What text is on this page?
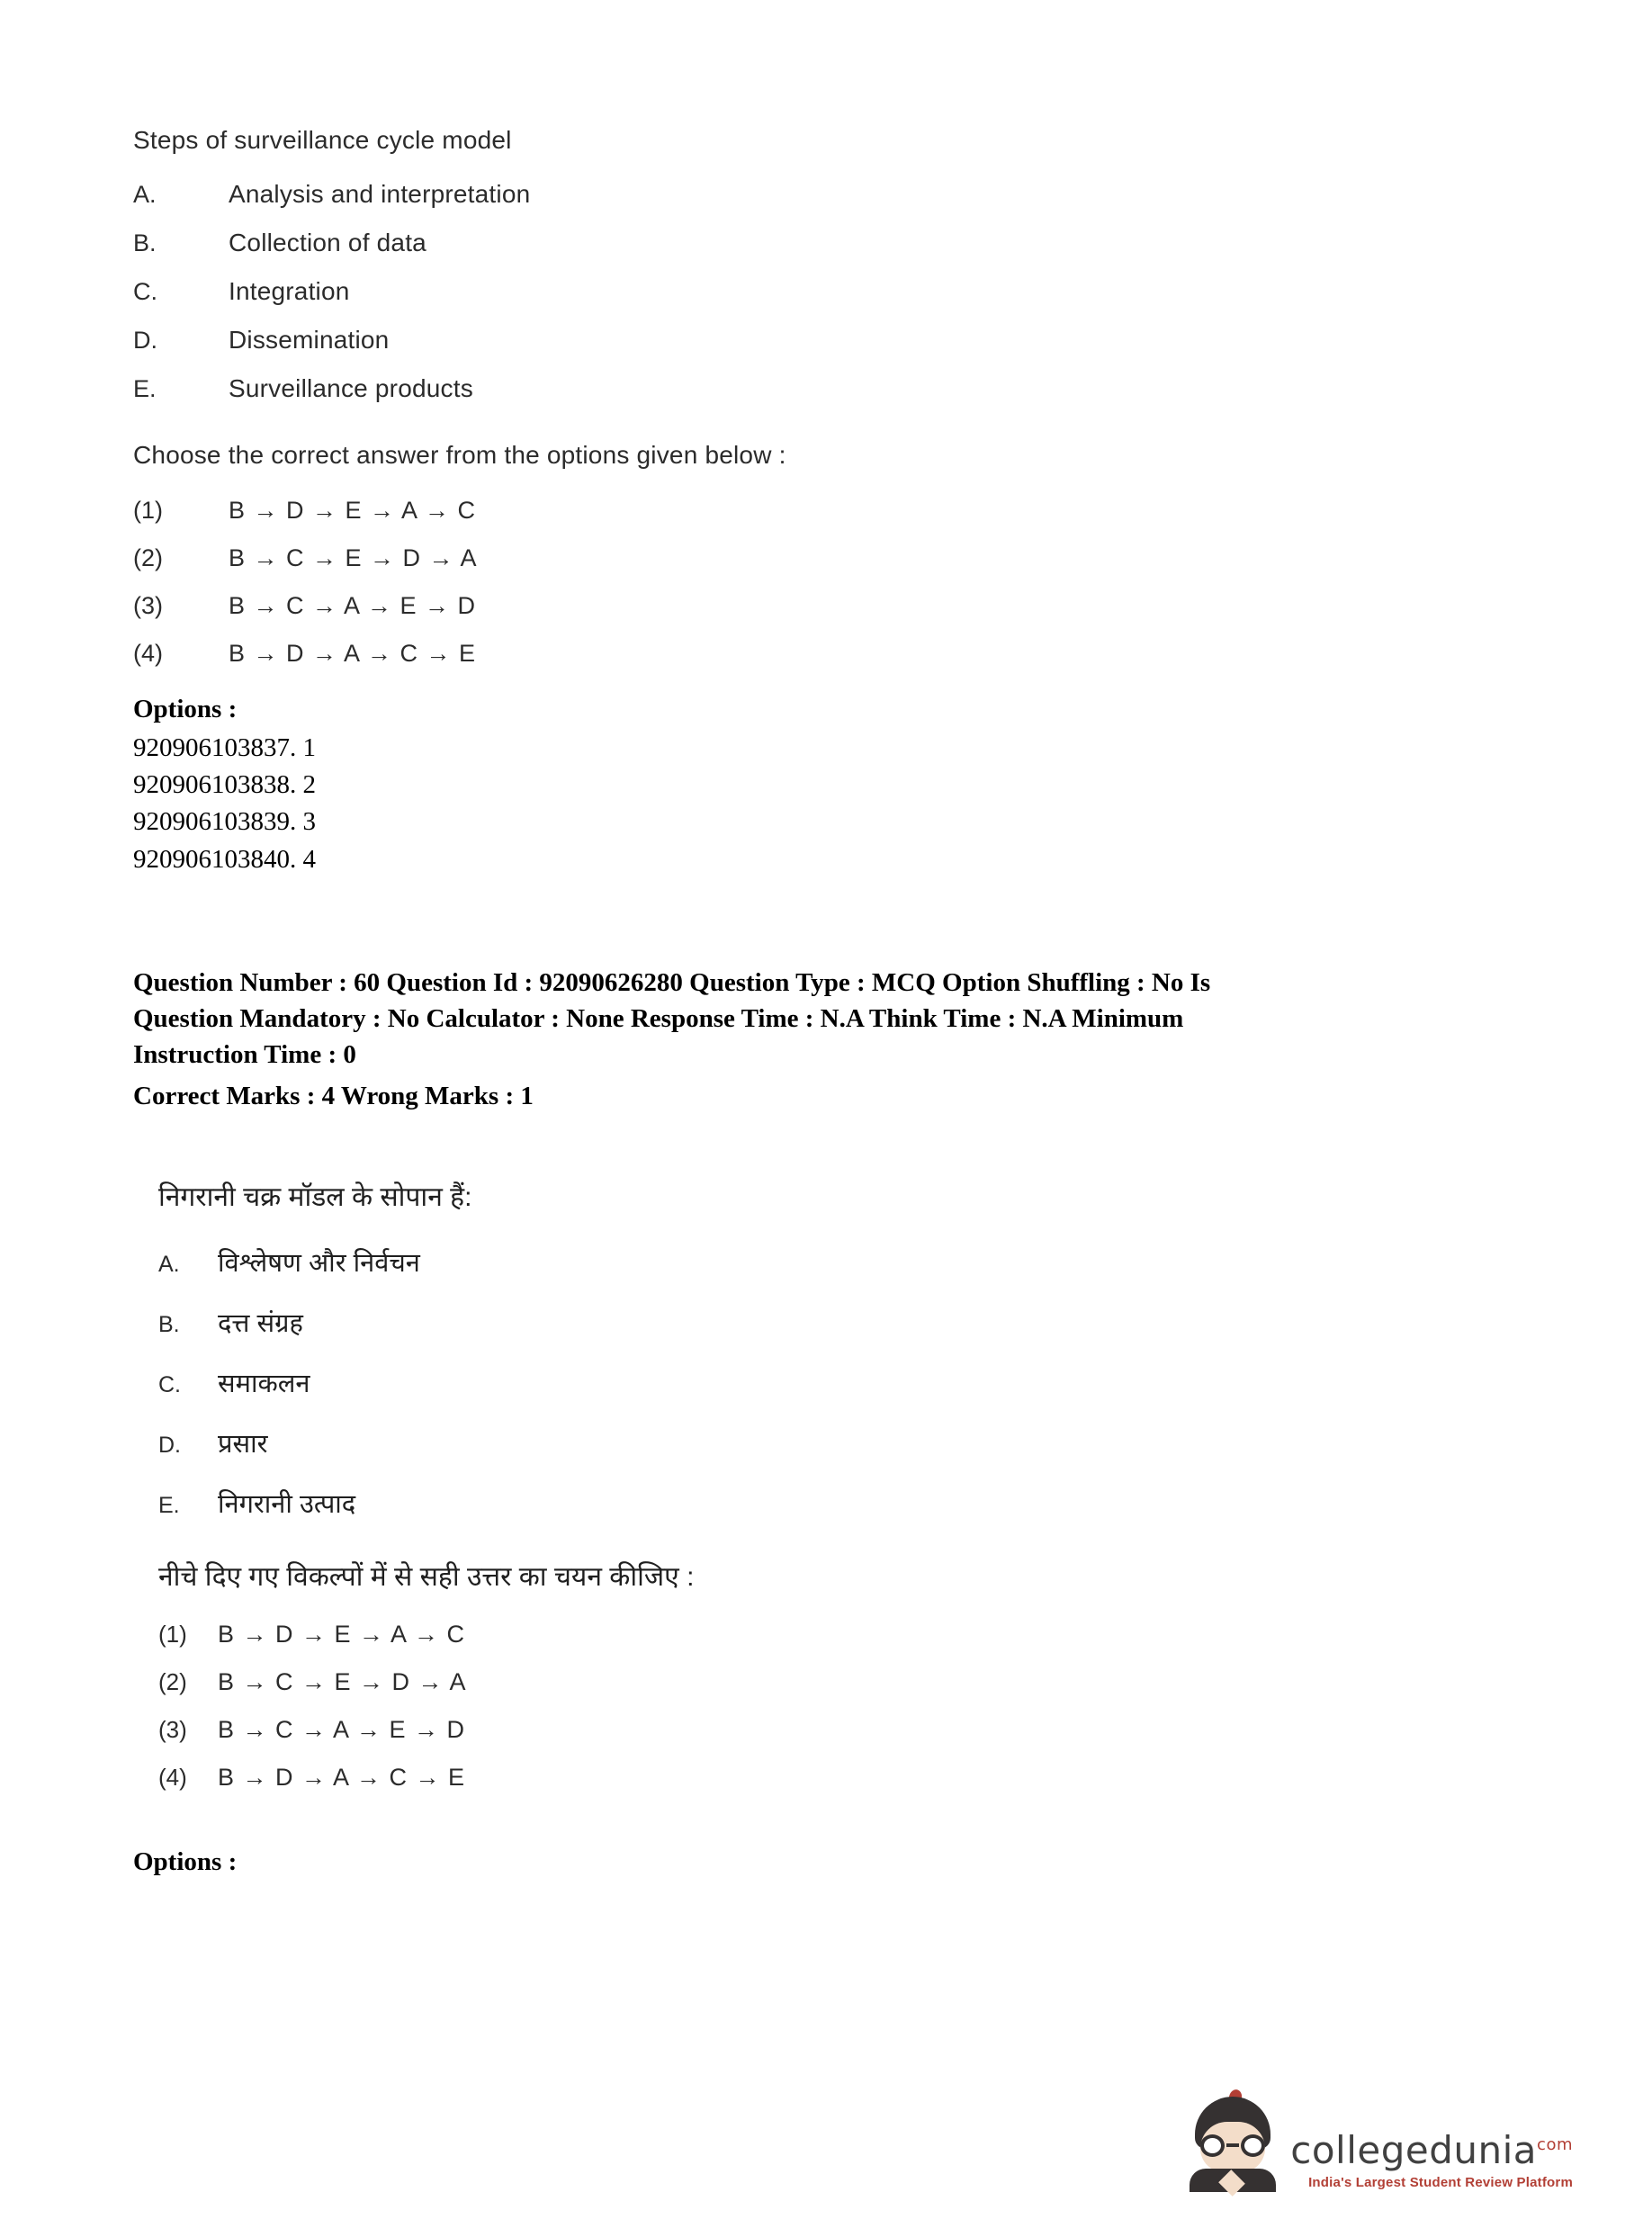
Steps of surveillance cycle model
A.	Analysis and interpretation
B.	Collection of data
C.	Integration
D.	Dissemination
E.	Surveillance products
Choose the correct answer from the options given below :
(1)	B → D → E → A → C
(2)	B → C → E → D → A
(3)	B → C → A → E → D
(4)	B → D → A → C → E
Options :
920906103837. 1
920906103838. 2
920906103839. 3
920906103840. 4
Question Number : 60 Question Id : 92090626280 Question Type : MCQ Option Shuffling : No Is
Question Mandatory : No Calculator : None Response Time : N.A Think Time : N.A Minimum
Instruction Time : 0
Correct Marks : 4 Wrong Marks : 1
निगरानी चक्र मॉडल के सोपान हैं:
A.	विश्लेषण और निर्वचन
B.	दत्त संग्रह
C.	समाकलन
D.	प्रसार
E.	निगरानी उत्पाद
नीचे दिए गए विकल्पों में से सही उत्तर का चयन कीजिए :
(1)	B → D → E → A → C
(2)	B → C → E → D → A
(3)	B → C → A → E → D
(4)	B → D → A → C → E
Options :
collegedunia$^{com}$
India's Largest Student Review Platform
